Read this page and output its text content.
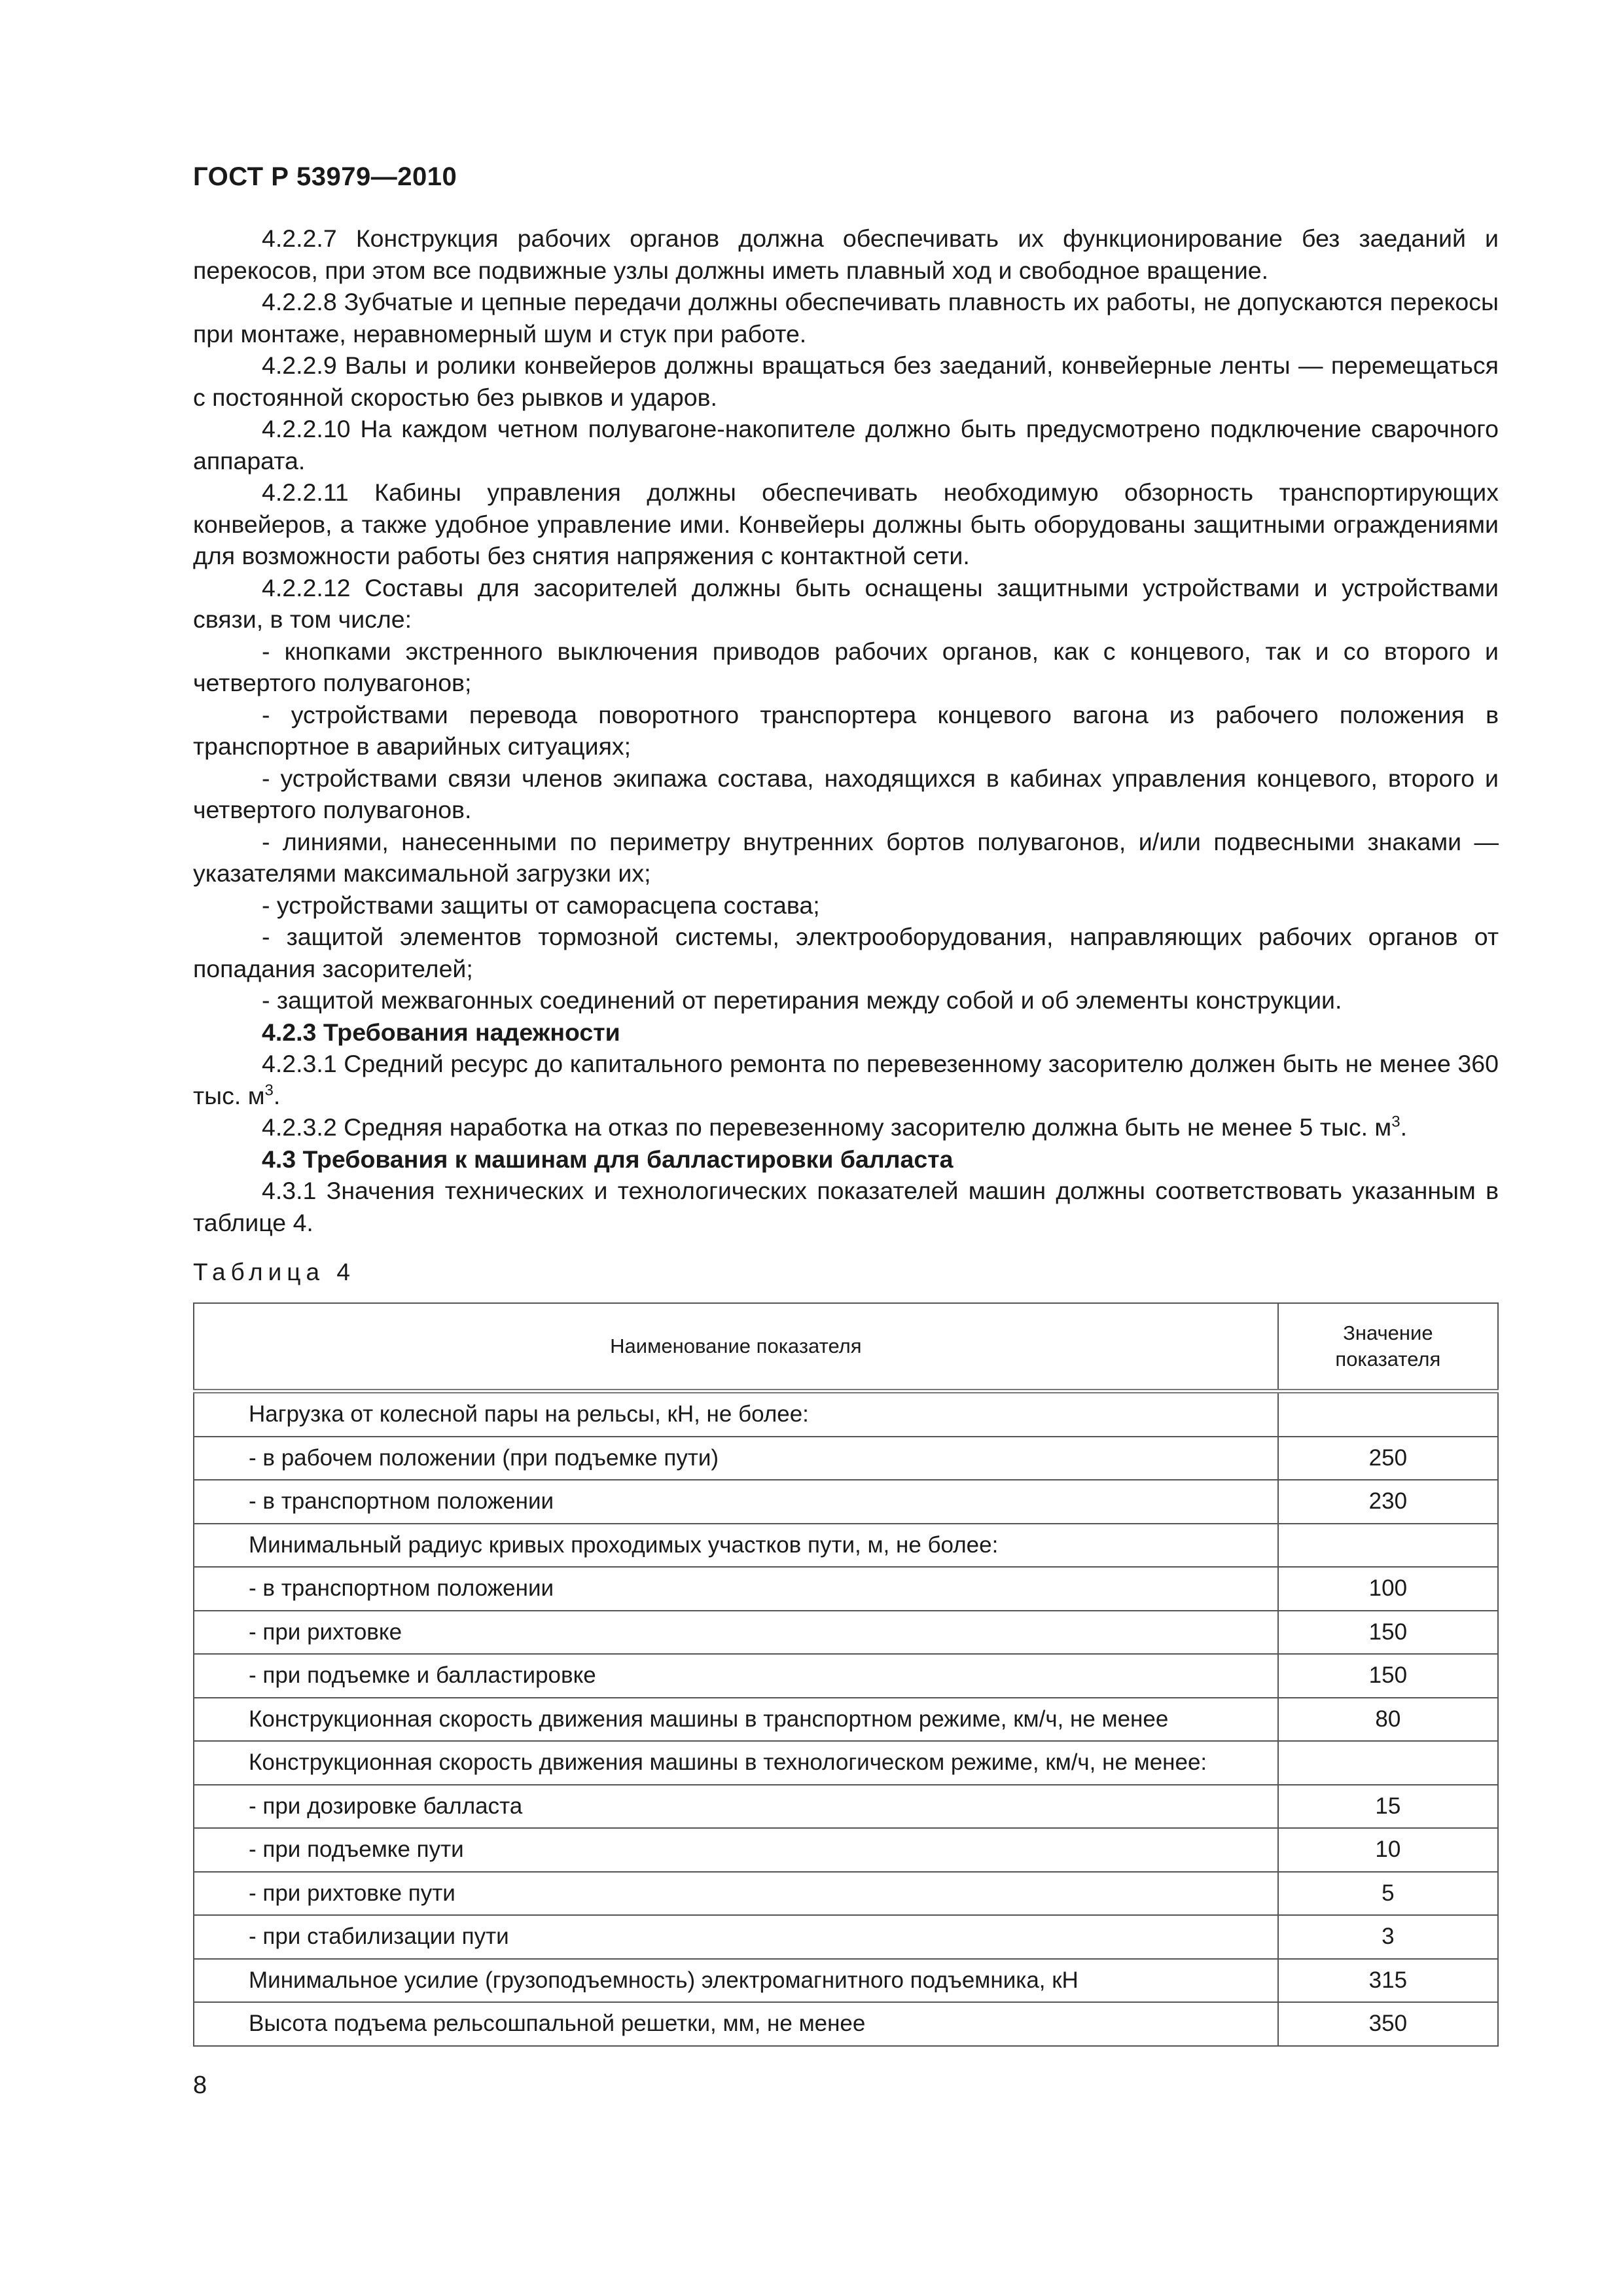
ГОСТ Р 53979—2010

4.2.2.7 Конструкция рабочих органов должна обеспечивать их функционирование без заеданий и перекосов, при этом все подвижные узлы должны иметь плавный ход и свободное вращение.

4.2.2.8 Зубчатые и цепные передачи должны обеспечивать плавность их работы, не допускаются перекосы при монтаже, неравномерный шум и стук при работе.

4.2.2.9 Валы и ролики конвейеров должны вращаться без заеданий, конвейерные ленты — перемещаться с постоянной скоростью без рывков и ударов.

4.2.2.10 На каждом четном полувагоне-накопителе должно быть предусмотрено подключение сварочного аппарата.

4.2.2.11 Кабины управления должны обеспечивать необходимую обзорность транспортирующих конвейеров, а также удобное управление ими. Конвейеры должны быть оборудованы защитными ограждениями для возможности работы без снятия напряжения с контактной сети.

4.2.2.12 Составы для засорителей должны быть оснащены защитными устройствами и устройствами связи, в том числе:

- кнопками экстренного выключения приводов рабочих органов, как с концевого, так и со второго и четвертого полувагонов;

- устройствами перевода поворотного транспортера концевого вагона из рабочего положения в транспортное в аварийных ситуациях;

- устройствами связи членов экипажа состава, находящихся в кабинах управления концевого, второго и четвертого полувагонов.

- линиями, нанесенными по периметру внутренних бортов полувагонов, и/или подвесными знаками — указателями максимальной загрузки их;

- устройствами защиты от саморасцепа состава;

- защитой элементов тормозной системы, электрооборудования, направляющих рабочих органов от попадания засорителей;

- защитой межвагонных соединений от перетирания между собой и об элементы конструкции.

4.2.3 Требования надежности

4.2.3.1 Средний ресурс до капитального ремонта по перевезенному засорителю должен быть не менее 360 тыс. $м^3$.

4.2.3.2 Средняя наработка на отказ по перевезенному засорителю должна быть не менее 5 тыс. $м^3$.

4.3 Требования к машинам для балластировки балласта

4.3.1 Значения технических и технологических показателей машин должны соответствовать указанным в таблице 4.

Таблица 4
Наименование показателя	Значение
показателя
Нагрузка от колесной пары на рельсы, кН, не более:	
- в рабочем положении (при подъемке пути)	250
- в транспортном положении	230
Минимальный радиус кривых проходимых участков пути, м, не более:	
- в транспортном положении	100
- при рихтовке	150
- при подъемке и балластировке	150
Конструкционная скорость движения машины в транспортном режиме, км/ч, не менее	80
Конструкционная скорость движения машины в технологическом режиме, км/ч, не менее:	
- при дозировке балласта	15
- при подъемке пути	10
- при рихтовке пути	5
- при стабилизации пути	3
Минимальное усилие (грузоподъемность) электромагнитного подъемника, кН	315
Высота подъема рельсошпальной решетки, мм, не менее	350
8
